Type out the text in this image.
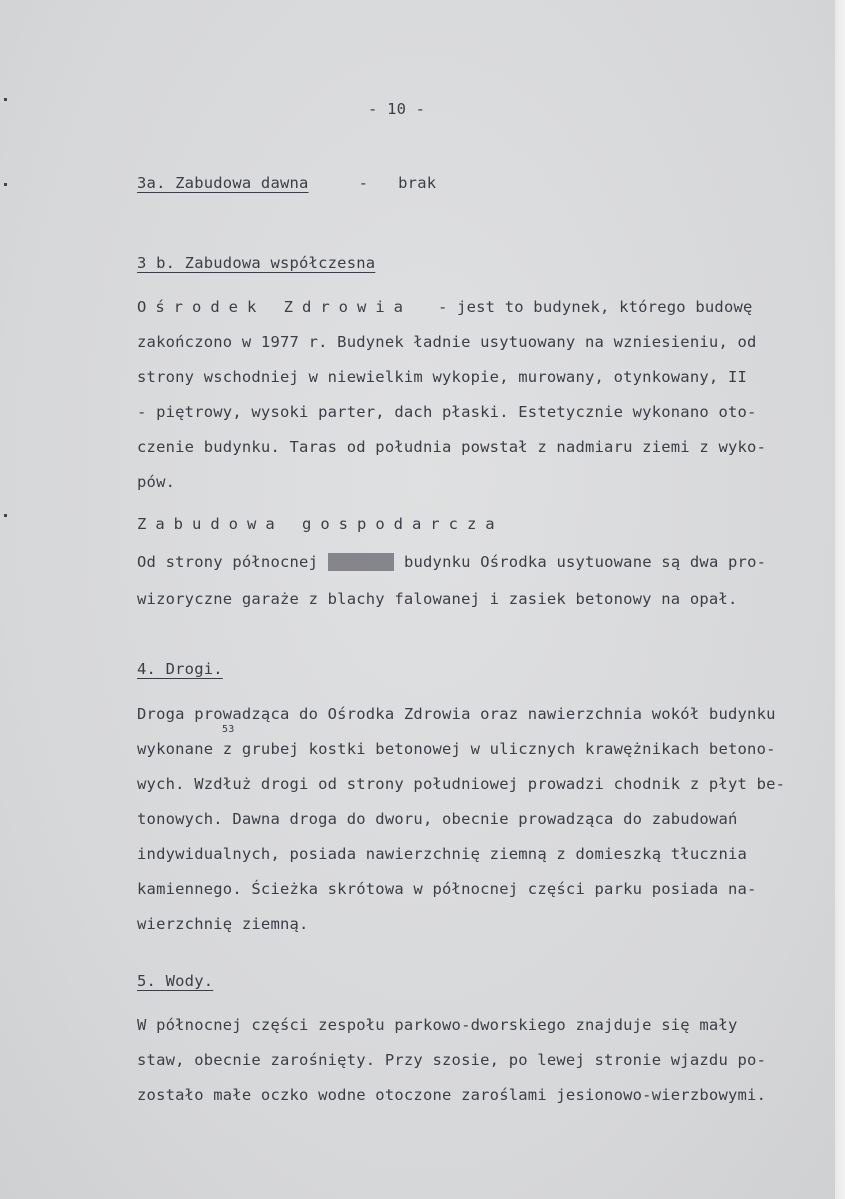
- 10 -
3a. Zabudowa dawna	- brak
3 b. Zabudowa współczesna
Ośrodek Zdrowia - jest to budynek, którego budowę
zakończono w 1977 r. Budynek ładnie usytuowany na wzniesieniu, od
strony wschodniej w niewielkim wykopie, murowany, otynkowany, II
- piętrowy, wysoki parter, dach płaski. Estetycznie wykonano oto-
czenie budynku. Taras od południa powstał z nadmiaru ziemi z wyko-
pów.
Zabudowa gospodarcza
Od strony północnej	budynku Ośrodka usytuowane są dwa pro-
wizoryczne garaże z blachy falowanej i zasiek betonowy na opał.
4. Drogi.
53
Droga prowadząca do Ośrodka Zdrowia oraz nawierzchnia wokół budynku
wykonane z grubej kostki betonowej w ulicznych krawężnikach betono-
wych. Wzdłuż drogi od strony południowej prowadzi chodnik z płyt be-
tonowych. Dawna droga do dworu, obecnie prowadząca do zabudowań
indywidualnych, posiada nawierzchnię ziemną z domieszką tłucznia
kamiennego. Ścieżka skrótowa w północnej części parku posiada na-
wierzchnię ziemną.
5. Wody.
W północnej części zespołu parkowo-dworskiego znajduje się mały
staw, obecnie zarośnięty. Przy szosie, po lewej stronie wjazdu po-
zostało małe oczko wodne otoczone zaroślami jesionowo-wierzbowymi.
